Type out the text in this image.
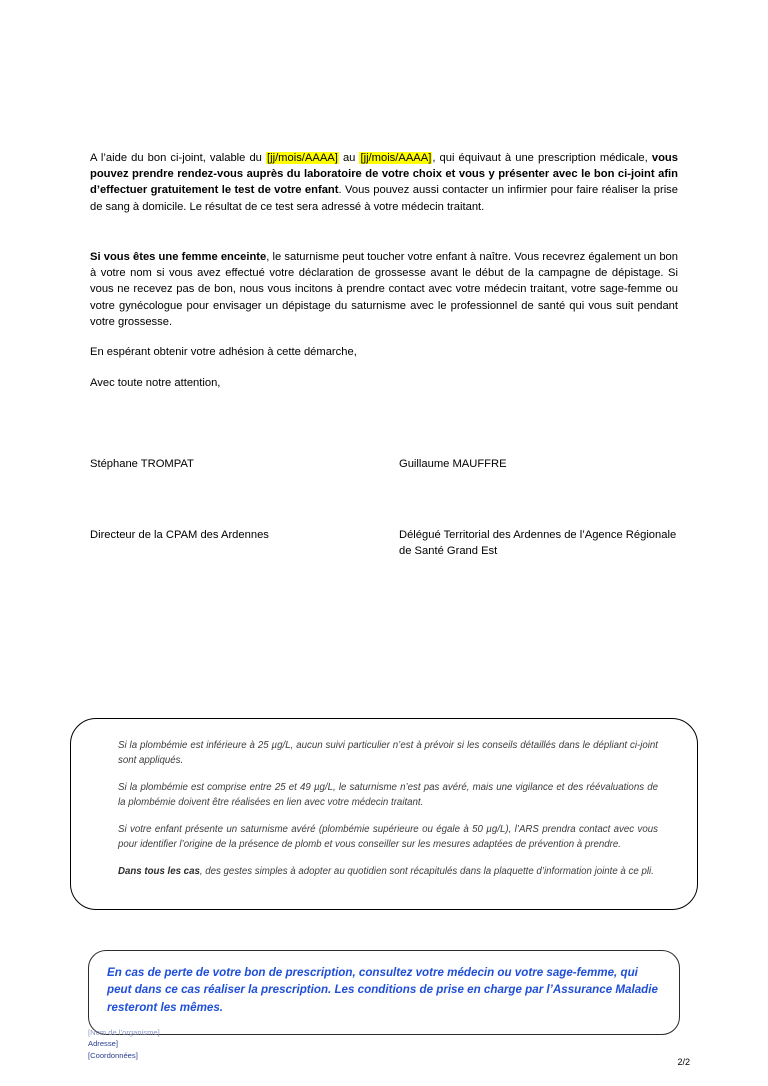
A l’aide du bon ci-joint, valable du [jj/mois/AAAA] au [jj/mois/AAAA], qui équivaut à une prescription médicale, vous pouvez prendre rendez-vous auprès du laboratoire de votre choix et vous y présenter avec le bon ci-joint afin d’effectuer gratuitement le test de votre enfant. Vous pouvez aussi contacter un infirmier pour faire réaliser la prise de sang à domicile. Le résultat de ce test sera adressé à votre médecin traitant.
Si vous êtes une femme enceinte, le saturnisme peut toucher votre enfant à naître. Vous recevrez également un bon à votre nom si vous avez effectué votre déclaration de grossesse avant le début de la campagne de dépistage. Si vous ne recevez pas de bon, nous vous incitons à prendre contact avec votre médecin traitant, votre sage-femme ou votre gynécologue pour envisager un dépistage du saturnisme avec le professionnel de santé qui vous suit pendant votre grossesse.
En espérant obtenir votre adhésion à cette démarche,
Avec toute notre attention,
Stéphane TROMPAT	Guillaume MAUFFRE
Directeur de la CPAM des Ardennes	Délégué Territorial des Ardennes de l’Agence Régionale de Santé Grand Est

Si la plombémie est inférieure à 25 µg/L, aucun suivi particulier n’est à prévoir si les conseils détaillés dans le dépliant ci-joint sont appliqués.

Si la plombémie est comprise entre 25 et 49 µg/L, le saturnisme n’est pas avéré, mais une vigilance et des réévaluations de la plombémie doivent être réalisées en lien avec votre médecin traitant.

Si votre enfant présente un saturnisme avéré (plombémie supérieure ou égale à 50 µg/L), l’ARS prendra contact avec vous pour identifier l’origine de la présence de plomb et vous conseiller sur les mesures adaptées de prévention à prendre.

Dans tous les cas, des gestes simples à adopter au quotidien sont récapitulés dans la plaquette d’information jointe à ce pli.

En cas de perte de votre bon de prescription, consultez votre médecin ou votre sage-femme, qui peut dans ce cas réaliser la prescription. Les conditions de prise en charge par l’Assurance Maladie resteront les mêmes.
[Nom de l’organisme]
Adresse]
[Coordonnées]
2/2
